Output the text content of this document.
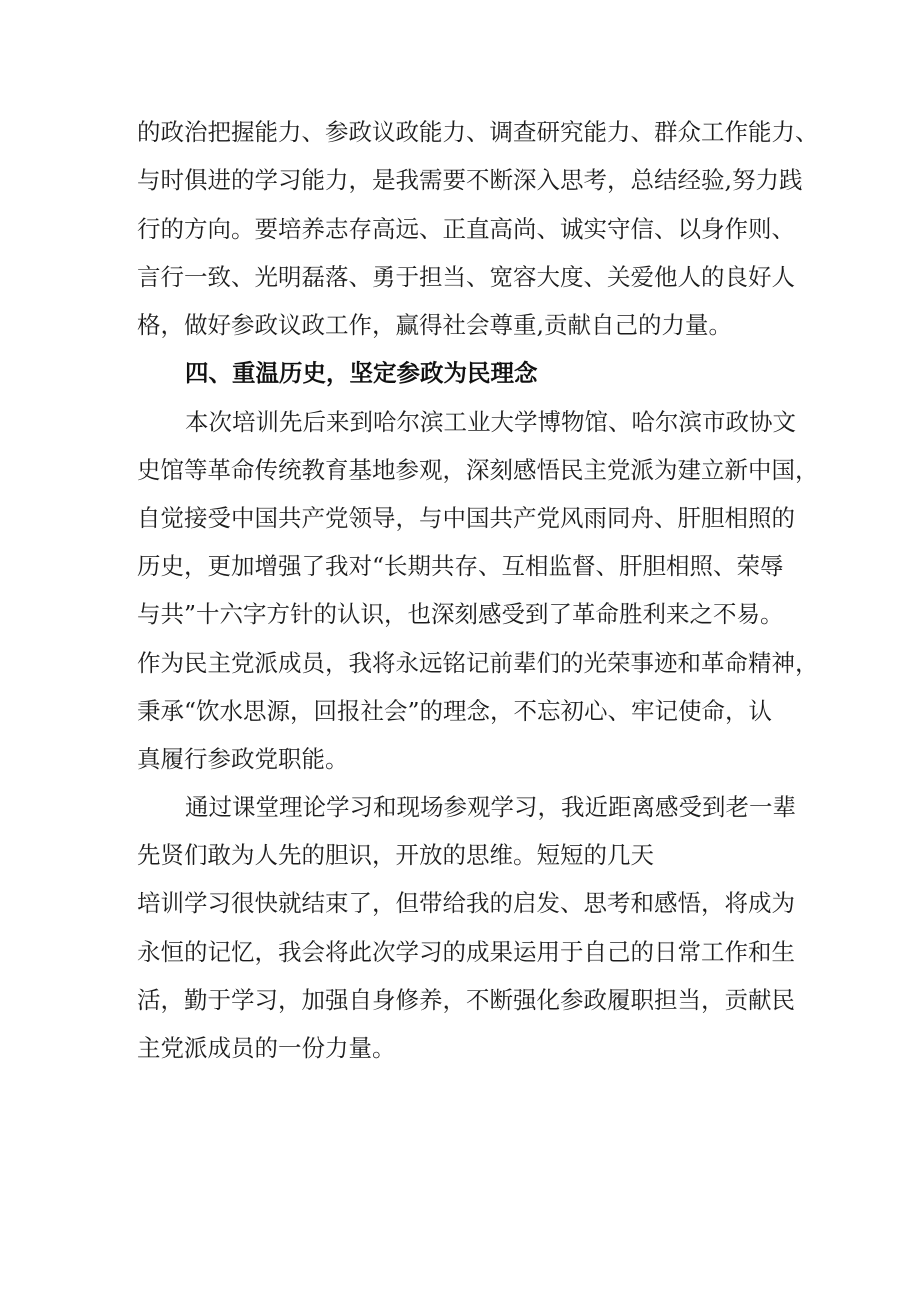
的政治把握能力、参政议政能力、调查研究能力、群众工作能力、

与时俱进的学习能力，是我需要不断深入思考，总结经验,努力践

行的方向。要培养志存高远、正直高尚、诚实守信、以身作则、

言行一致、光明磊落、勇于担当、宽容大度、关爱他人的良好人

格，做好参政议政工作，赢得社会尊重,贡献自己的力量。

四、重温历史，坚定参政为民理念

本次培训先后来到哈尔滨工业大学博物馆、哈尔滨市政协文

史馆等革命传统教育基地参观，深刻感悟民主党派为建立新中国，

自觉接受中国共产党领导，与中国共产党风雨同舟、肝胆相照的

历史，更加增强了我对“长期共存、互相监督、肝胆相照、荣辱

与共”十六字方针的认识，也深刻感受到了革命胜利来之不易。

作为民主党派成员，我将永远铭记前辈们的光荣事迹和革命精神，

秉承“饮水思源，回报社会”的理念，不忘初心、牢记使命，认

真履行参政党职能。

通过课堂理论学习和现场参观学习，我近距离感受到老一辈

先贤们敢为人先的胆识，开放的思维。短短的几天

培训学习很快就结束了，但带给我的启发、思考和感悟，将成为

永恒的记忆，我会将此次学习的成果运用于自己的日常工作和生

活，勤于学习，加强自身修养，不断强化参政履职担当，贡献民

主党派成员的一份力量。
